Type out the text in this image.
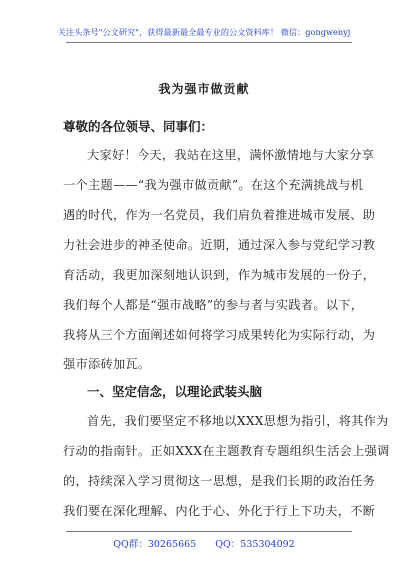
关注头条号"公文研究"，获得最新最全最专业的公文资料库！ 微信：gongwenyj
我为强市做贡献
尊敬的各位领导、同事们：
大家好！今天，我站在这里，满怀激情地与大家分享
一个主题——“我为强市做贡献”。在这个充满挑战与机
遇的时代，作为一名党员，我们肩负着推进城市发展、助
力社会进步的神圣使命。近期，通过深入参与党纪学习教
育活动，我更加深刻地认识到，作为城市发展的一份子，
我们每个人都是“强市战略”的参与者与实践者。以下，
我将从三个方面阐述如何将学习成果转化为实际行动，为
强市添砖加瓦。
一、坚定信念，以理论武装头脑
首先，我们要坚定不移地以XXX思想为指引，将其作为
行动的指南针。正如XXX在主题教育专题组织生活会上强调
的，持续深入学习贯彻这一思想，是我们长期的政治任务
我们要在深化理解、内化于心、外化于行上下功夫，不断
QQ群：30265665 QQ：535304092
